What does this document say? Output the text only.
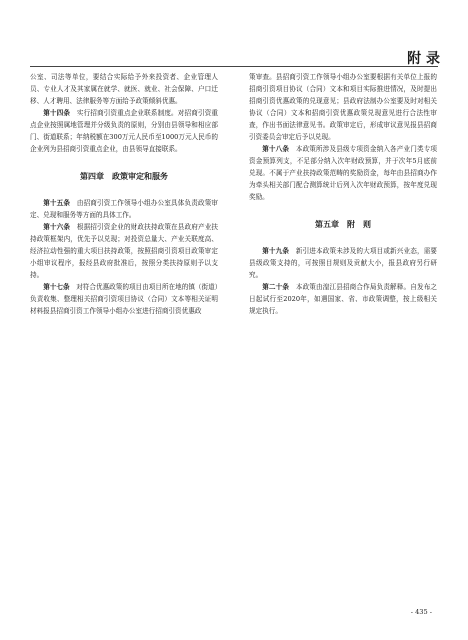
附 录

公室、司法等单位，要结合实际给予外来投资者、企业管理人员、专业人才及其家属在就学、就医、就业、社会保障、户口迁移、人才聘用、法律服务等方面给予政策倾斜优惠。

第十四条　 实行招商引资重点企业联系制度。对招商引资重点企业按照属地管理并分级负责的原则，分别由县领导和相应部门、街道联系；年纳税额在300万元人民币至1000万元人民币的企业列为县招商引资重点企业，由县领导直接联系。

第四章　政策审定和服务

第十五条　 由招商引资工作领导小组办公室具体负责政策审定、兑现和服务等方面的具体工作。

第十六条　 根据招引资企业的财政扶持政策在县政府产业扶持政策框架内，优先予以兑现；对投资总量大、产业关联度高、经济拉动性强的重大项目扶持政策，按照招商引资项目政策审定小组审议程序，报经县政府批准后，按照分类扶持原则予以支持。

第十七条　 对符合优惠政策的项目由项目所在地的镇（街道）负责收集、整理相关招商引资项目协议（合同）文本等相关证明材料报县招商引资工作领导小组办公室进行招商引资优惠政

策审查。县招商引资工作领导小组办公室要根据有关单位上报的招商引资项目协议（合同）文本和项目实际推进情况，及时提出招商引资优惠政策的兑现意见；县政府法制办公室要及时对相关协议（合同）文本和招商引资优惠政策兑现意见进行合法性审查，作出书面法律意见书。政策审定后，形成审议意见报县招商引资委员会审定后予以兑现。

第十八条　 本政策所涉及县级专项资金纳入各产业门类专项资金预算列支，不足部分纳入次年财政预算，并于次年5月底前兑现。不属于产业扶持政策范畴的奖励资金，每年由县招商办作为牵头相关部门配合测算统计后列入次年财政预算，按年度兑现奖励。

第五章　附　则

第十九条　 新引进本政策未涉及的大项目或新兴业态，需要县级政策支持的，可按照目规则及贡献大小，报县政府另行研究。

第二十条　 本政策由湟江县招商合作局负责解释。自发布之日起试行至2020年，如遇国家、省、市政策调整，按上级相关规定执行。

- 435 -
